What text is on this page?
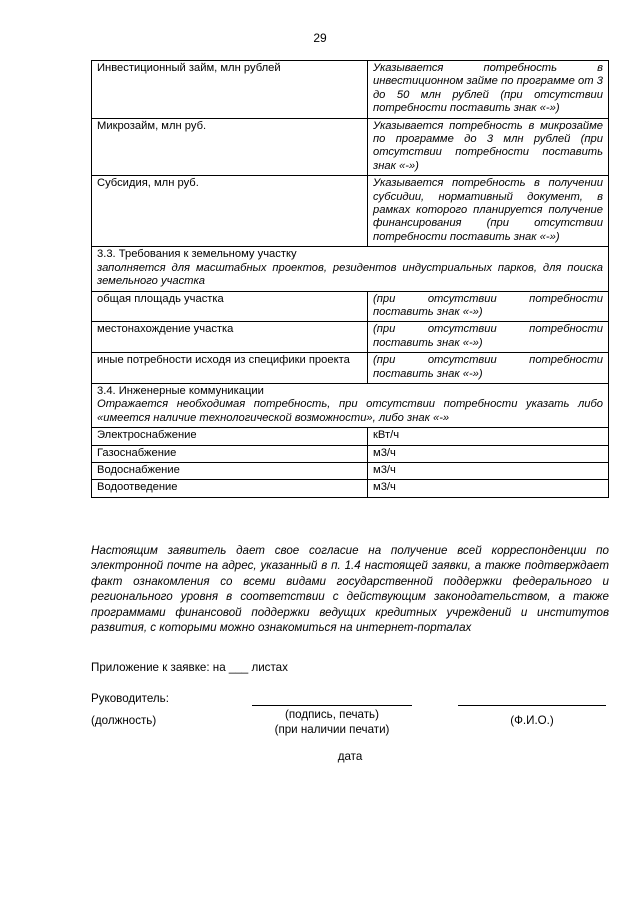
29
Инвестиционный займ, млн рублей	Указывается потребность в инвестиционном займе по программе от 3 до 50 млн рублей (при отсутствии потребности поставить знак «-»)
Микрозайм, млн руб.	Указывается потребность в микрозайме по программе до 3 млн рублей (при отсутствии потребности поставить знак «-»)
Субсидия, млн руб.	Указывается потребность в получении субсидии, нормативный документ, в рамках которого планируется получение финансирования (при отсутствии потребности поставить знак «-»)
3.3. Требования к земельному участку
заполняется для масштабных проектов, резидентов индустриальных парков, для поиска земельного участка	

общая площадь участка	(при отсутствии потребности поставить знак «-»)
местонахождение участка	(при отсутствии потребности поставить знак «-»)
иные потребности исходя из специфики проекта	(при отсутствии потребности поставить знак «-»)
3.4. Инженерные коммуникации
Отражается необходимая потребность, при отсутствии потребности указать либо «имеется наличие технологической возможности», либо знак «-»	

Электроснабжение	кВт/ч
Газоснабжение	м3/ч
Водоснабжение	м3/ч
Водоотведение	м3/ч
Настоящим заявитель дает свое согласие на получение всей корреспонденции по электронной почте на адрес, указанный в п. 1.4 настоящей заявки, а также подтверждает факт ознакомления со всеми видами государственной поддержки федерального и регионального уровня в соответствии с действующим законодательством, а также программами финансовой поддержки ведущих кредитных учреждений и институтов развития, с которыми можно ознакомиться на интернет-порталах
Приложение к заявке: на ___ листах
Руководитель:
(должность)	(подпись, печать)
(при наличии печати)
(Ф.И.О.)
дата
